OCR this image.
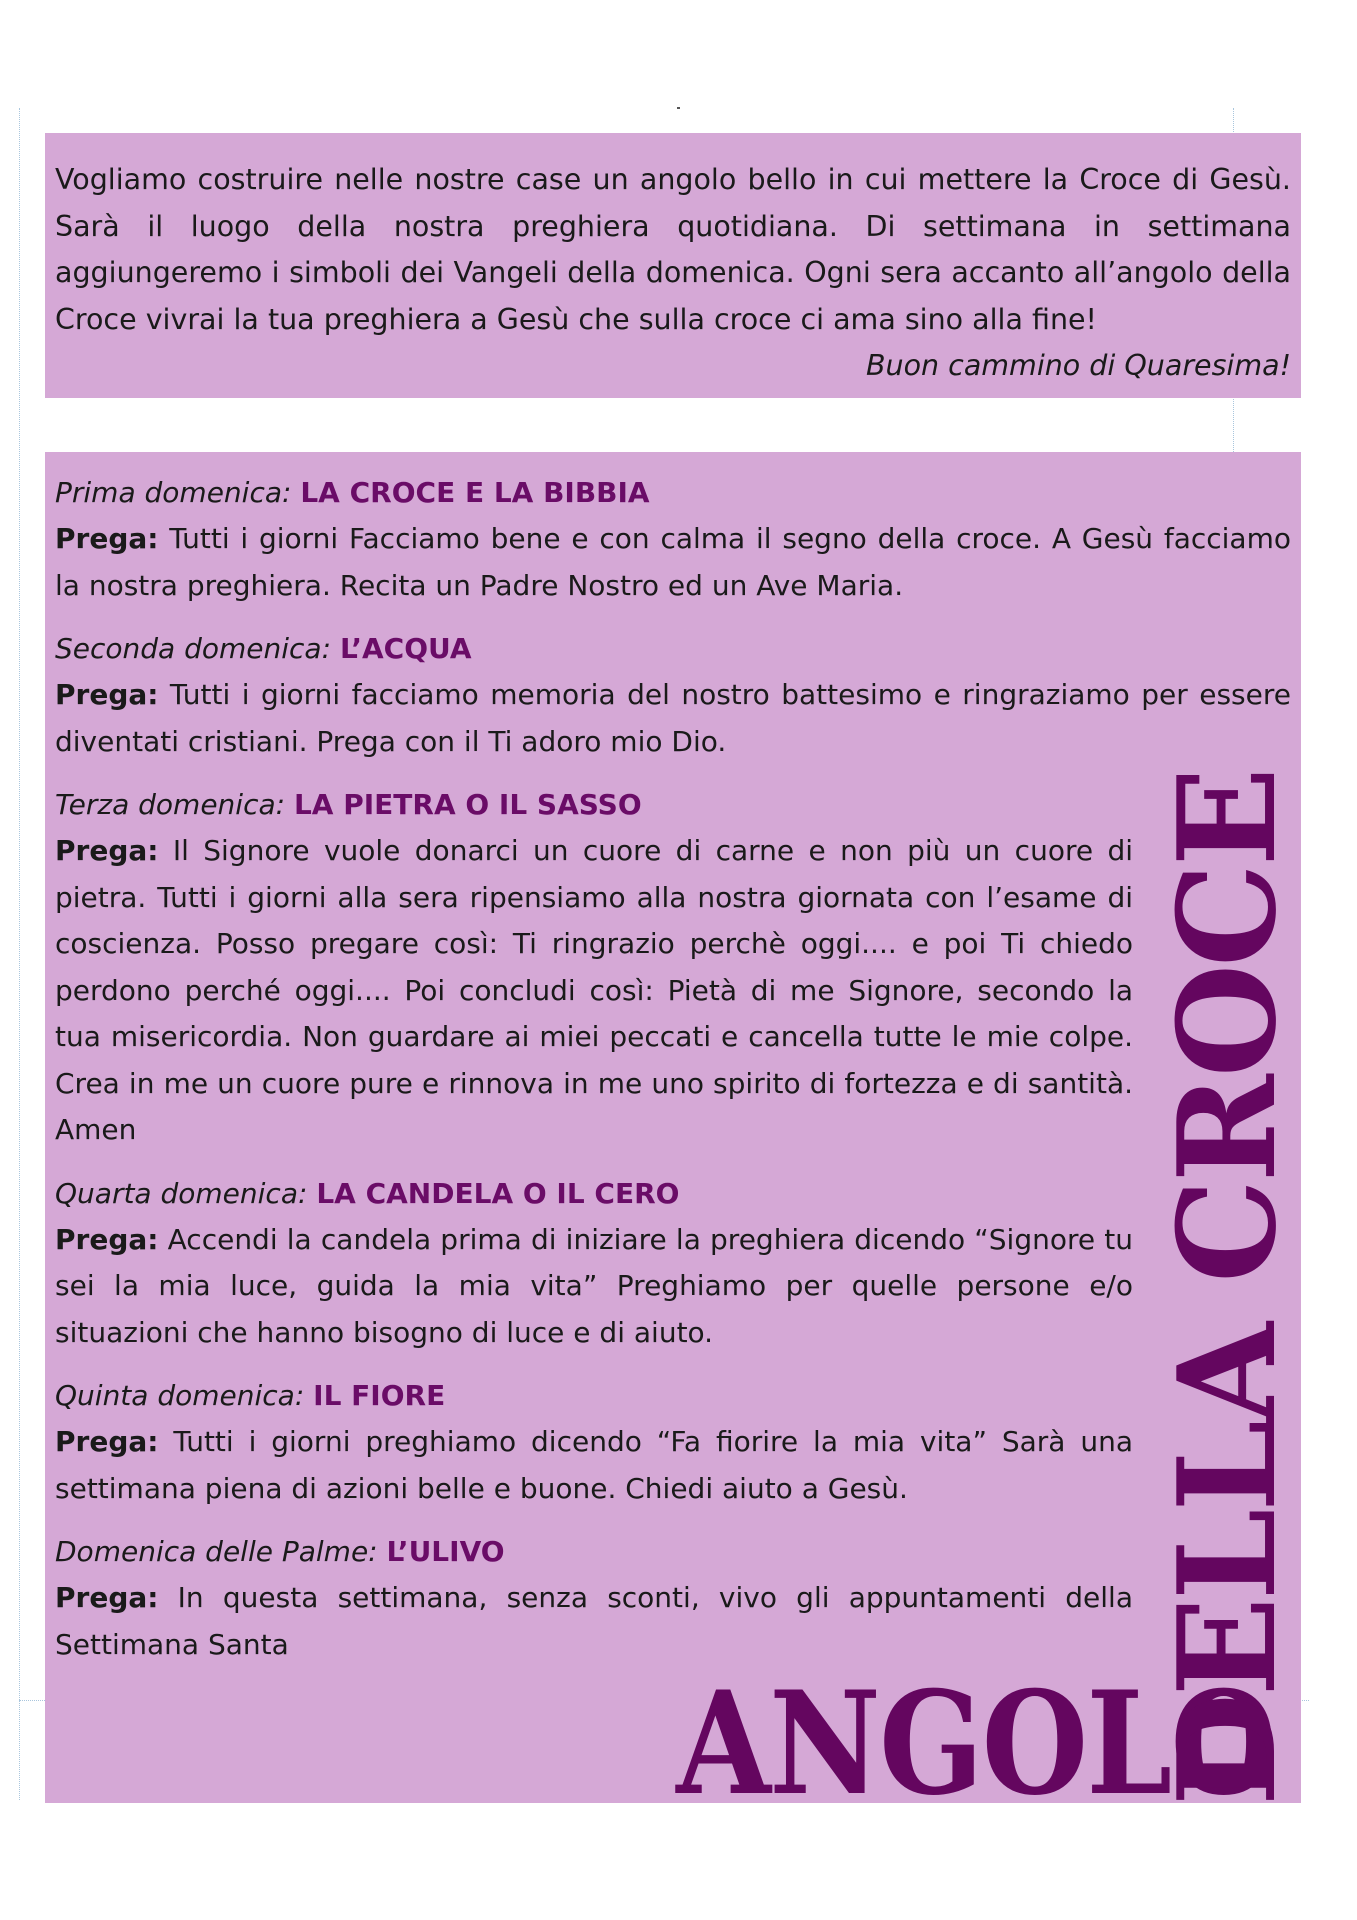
Vogliamo costruire nelle nostre case un angolo bello in cui mettere la Croce di Gesù. Sarà il luogo della nostra preghiera quotidiana. Di settimana in settimana aggiungeremo i simboli dei Vangeli della domenica. Ogni sera accanto all’angolo della Croce vivrai la tua preghiera a Gesù che sulla croce ci ama sino alla fine!
Buon cammino di Quaresima!
Prima domenica: LA CROCE E LA BIBBIA
Prega: Tutti i giorni Facciamo bene e con calma il segno della croce. A Gesù facciamo la nostra preghiera. Recita un Padre Nostro ed un Ave Maria.
Seconda domenica: L’ACQUA
Prega: Tutti i giorni facciamo memoria del nostro battesimo e ringraziamo per essere diventati cristiani. Prega con il Ti adoro mio Dio.
Terza domenica: LA PIETRA O IL SASSO
Prega: Il Signore vuole donarci un cuore di carne e non più un cuore di pietra. Tutti i giorni alla sera ripensiamo alla nostra giornata con l’esame di coscienza. Posso pregare così: Ti ringrazio perchè oggi.... e poi Ti chiedo perdono perché oggi.... Poi concludi così: Pietà di me Signore, secondo la tua misericordia. Non guardare ai miei peccati e cancella tutte le mie colpe. Crea in me un cuore pure e rinnova in me uno spirito di fortezza e di santità. Amen
Quarta domenica: LA CANDELA O IL CERO
Prega: Accendi la candela prima di iniziare la preghiera dicendo “Signore tu sei la mia luce, guida la mia vita” Preghiamo per quelle persone e/o situazioni che hanno bisogno di luce e di aiuto.
Quinta domenica: IL FIORE
Prega: Tutti i giorni preghiamo dicendo “Fa fiorire la mia vita” Sarà una settimana piena di azioni belle e buone. Chiedi aiuto a Gesù.
Domenica delle Palme: L’ULIVO
Prega: In questa settimana, senza sconti, vivo gli appuntamenti della Settimana Santa
ANGOLO
DELLA CROCE
